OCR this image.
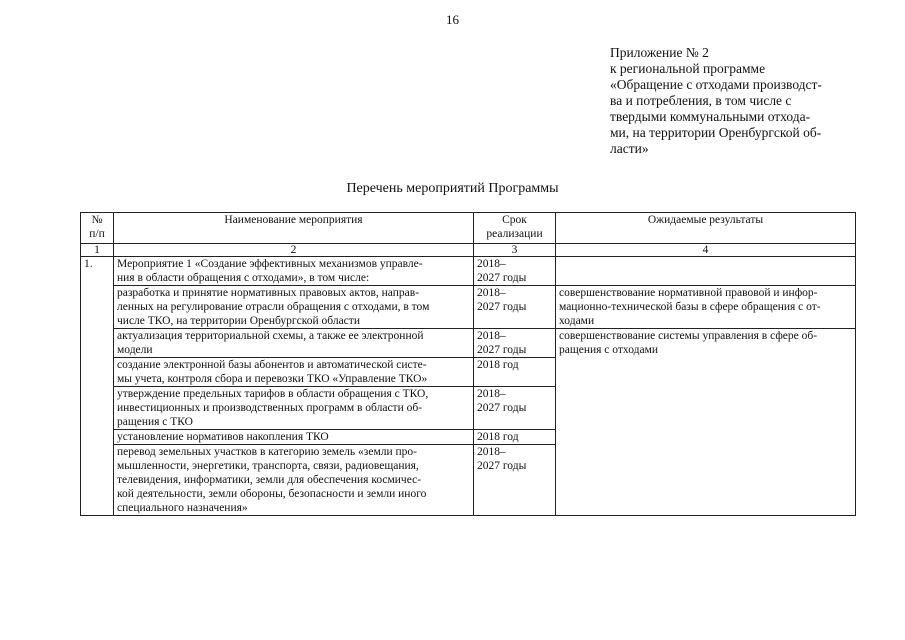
16
Приложение № 2
к региональной программе
«Обращение с отходами производст-
ва и потребления, в том числе с
твердыми коммунальными отхода-
ми, на территории Оренбургской об-
ласти»
Перечень мероприятий Программы
№
п/п	Наименование мероприятия	Срок
реализации	Ожидаемые результаты
1	2	3	4
1.	Мероприятие 1 «Создание эффективных механизмов управле-
ния в области обращения с отходами», в том числе:	2018–
2027 годы	

	разработка и принятие нормативных правовых актов, направ-
ленных на регулирование отрасли обращения с отходами, в том
числе ТКО, на территории Оренбургской области	2018–
2027 годы	совершенствование нормативной правовой и инфор-
мационно-технической базы в сфере обращения с от-
ходами

	актуализация территориальной схемы, а также ее электронной
модели	2018–
2027 годы	совершенствование системы управления в сфере об-
ращения с отходами

	создание электронной базы абонентов и автоматической систе-
мы учета, контроля сбора и перевозки ТКО «Управление ТКО»	2018 год	

	утверждение предельных тарифов в области обращения с ТКО,
инвестиционных и производственных программ в области об-
ращения с ТКО	2018–
2027 годы	

	установление нормативов накопления ТКО	2018 год	

	перевод земельных участков в категорию земель «земли про-
мышленности, энергетики, транспорта, связи, радиовещания,
телевидения, информатики, земли для обеспечения космичес-
кой деятельности, земли обороны, безопасности и земли иного
специального назначения»	2018–
2027 годы	
